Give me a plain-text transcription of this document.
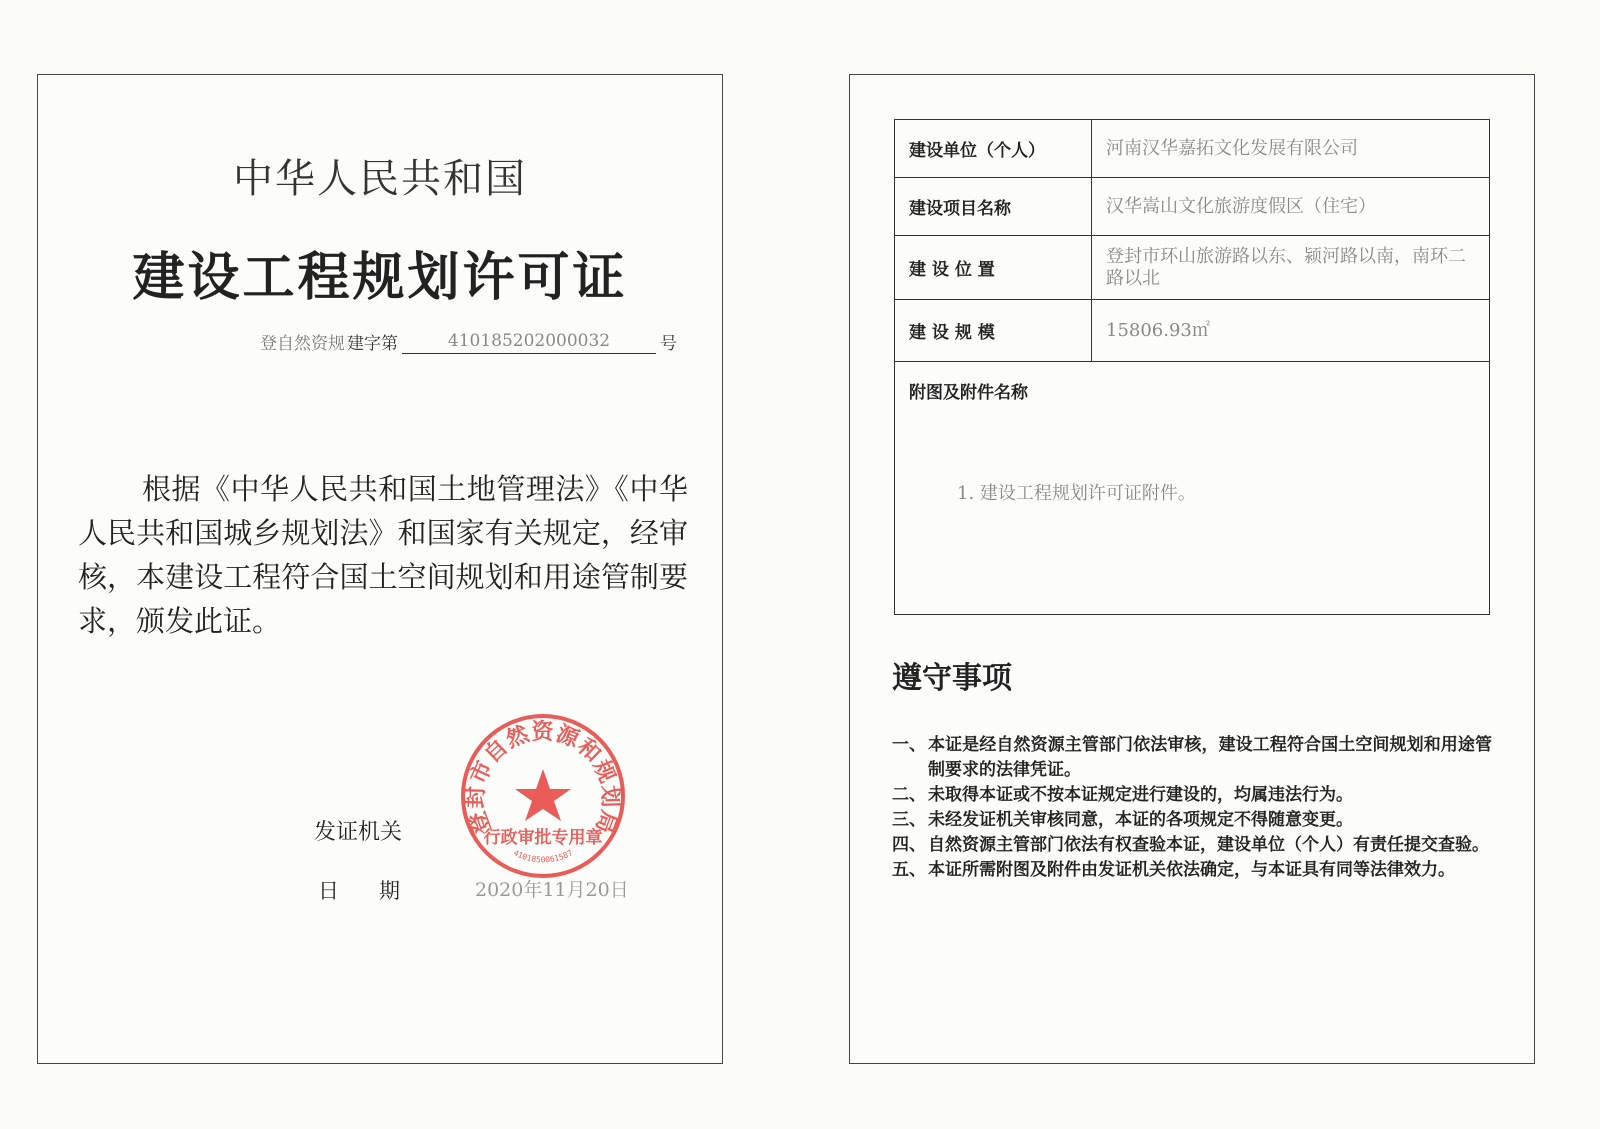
中华人民共和国
建设工程规划许可证
登自然资规 建字第	410185202000032	号
根据《中华人民共和国土地管理法》《中华人民共和国城乡规划法》和国家有关规定，经审核，本建设工程符合国土空间规划和用途管制要求，颁发此证。
发证机关
日期 2020年11月20日
登封市自然资源和规划局
行政审批专用章
4101850061587
建设单位（个人）	河南汉华嘉拓文化发展有限公司
建设项目名称	汉华嵩山文化旅游度假区（住宅）
建 设 位 置	登封市环山旅游路以东、颍河路以南，南环二路以北
建 设 规 模	15806.93㎡

附图及附件名称
1. 建设工程规划许可证附件。	
遵守事项
一、 本证是经自然资源主管部门依法审核，建设工程符合国土空间规划和用途管制要求的法律凭证。
二、 未取得本证或不按本证规定进行建设的，均属违法行为。
三、 未经发证机关审核同意，本证的各项规定不得随意变更。
四、 自然资源主管部门依法有权查验本证，建设单位（个人）有责任提交查验。
五、 本证所需附图及附件由发证机关依法确定，与本证具有同等法律效力。
